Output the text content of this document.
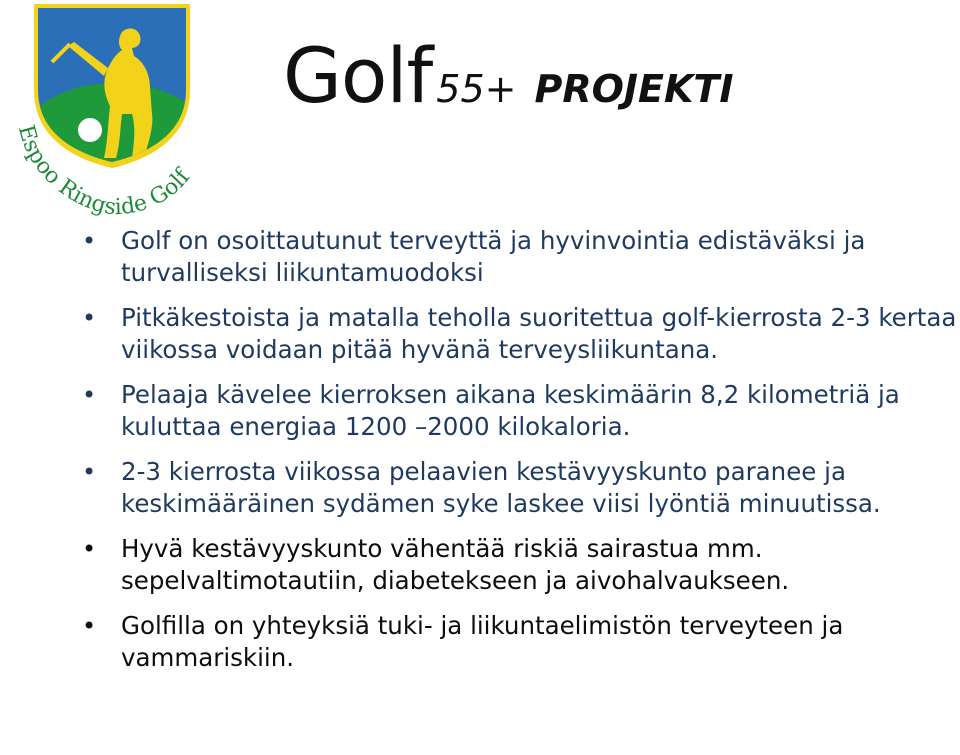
Espoo Ringside Golf
Golf 55+ PROJEKTI
• Golf on osoittautunut terveyttä ja hyvinvointia edistäväksi ja turvalliseksi liikuntamuodoksi
• Pitkäkestoista ja matalla teholla suoritettua golf-kierrosta 2-3 kertaa viikossa voidaan pitää hyvänä terveysliikuntana.
• Pelaaja kävelee kierroksen aikana keskimäärin 8,2 kilometriä ja kuluttaa energiaa 1200 –2000 kilokaloria.
• 2-3 kierrosta viikossa pelaavien kestävyyskunto paranee ja keskimääräinen sydämen syke laskee viisi lyöntiä minuutissa.
• Hyvä kestävyyskunto vähentää riskiä sairastua mm. sepelvaltimotautiin, diabetekseen ja aivohalvaukseen.
• Golfilla on yhteyksiä tuki- ja liikuntaelimistön terveyteen ja vammariskiin.
